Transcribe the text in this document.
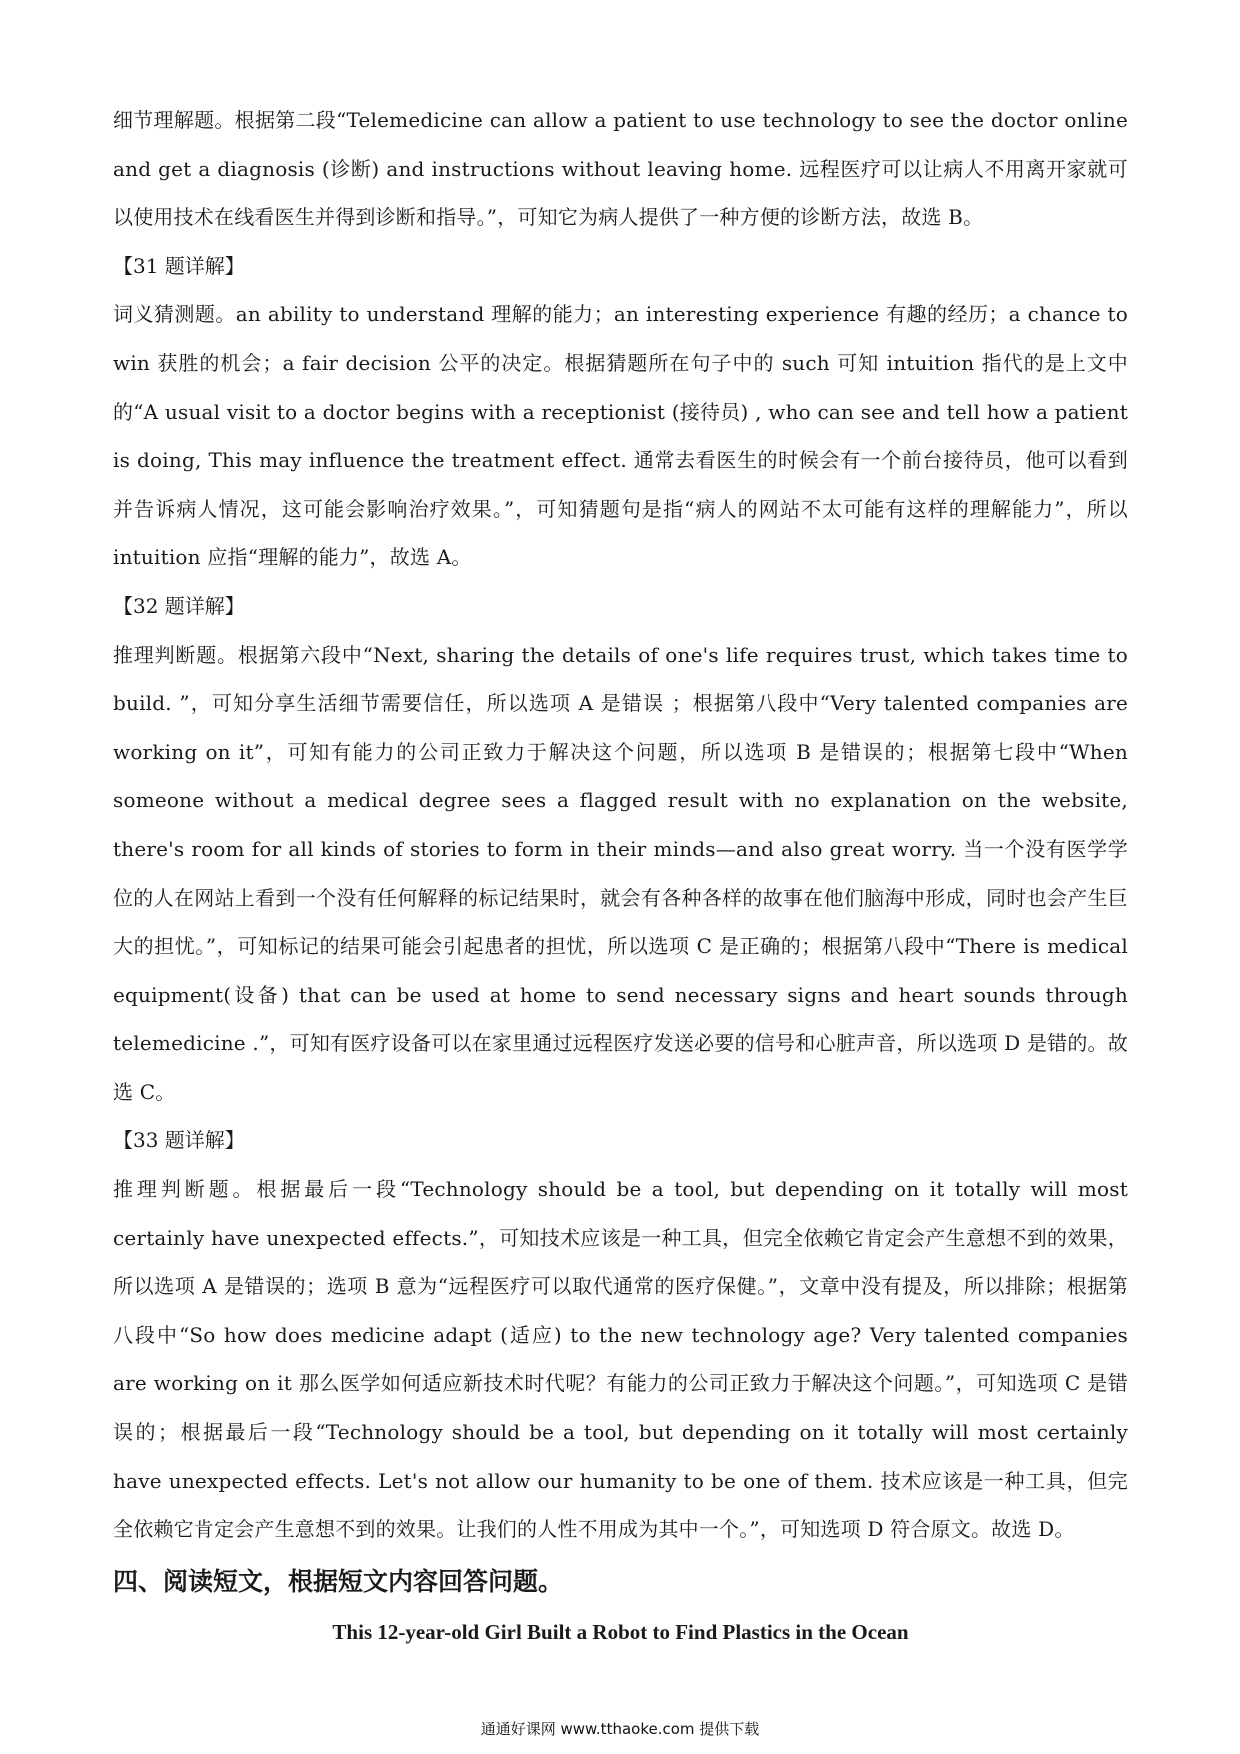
细节理解题。根据第二段“Telemedicine can allow a patient to use technology to see the doctor online and get a diagnosis (诊断) and instructions without leaving home. 远程医疗可以让病人不用离开家就可以使用技术在线看医生并得到诊断和指导。”，可知它为病人提供了一种方便的诊断方法，故选 B。

【31 题详解】

词义猜测题。an ability to understand 理解的能力；an interesting experience 有趣的经历；a chance to win 获胜的机会；a fair decision 公平的决定。根据猜题所在句子中的 such 可知 intuition 指代的是上文中的“A usual visit to a doctor begins with a receptionist (接待员) , who can see and tell how a patient is doing, This may influence the treatment effect. 通常去看医生的时候会有一个前台接待员，他可以看到并告诉病人情况，这可能会影响治疗效果。”，可知猜题句是指“病人的网站不太可能有这样的理解能力”，所以 intuition 应指“理解的能力”，故选 A。

【32 题详解】

推理判断题。根据第六段中“Next, sharing the details of one's life requires trust, which takes time to build. ”，可知分享生活细节需要信任，所以选项 A 是错误 ；根据第八段中“Very talented companies are working on it”，可知有能力的公司正致力于解决这个问题，所以选项 B 是错误的；根据第七段中“When someone without a medical degree sees a flagged result with no explanation on the website, there's room for all kinds of stories to form in their minds—and also great worry. 当一个没有医学学位的人在网站上看到一个没有任何解释的标记结果时，就会有各种各样的故事在他们脑海中形成，同时也会产生巨大的担忧。”，可知标记的结果可能会引起患者的担忧，所以选项 C 是正确的；根据第八段中“There is medical equipment(设备) that can be used at home to send necessary signs and heart sounds through telemedicine .”，可知有医疗设备可以在家里通过远程医疗发送必要的信号和心脏声音，所以选项 D 是错的。故选 C。

【33 题详解】

推理判断题。根据最后一段“Technology should be a tool, but depending on it totally will most certainly have unexpected effects.”，可知技术应该是一种工具，但完全依赖它肯定会产生意想不到的效果，所以选项 A 是错误的；选项 B 意为“远程医疗可以取代通常的医疗保健。”，文章中没有提及，所以排除；根据第八段中“So how does medicine adapt (适应) to the new technology age? Very talented companies are working on it 那么医学如何适应新技术时代呢？有能力的公司正致力于解决这个问题。”，可知选项 C 是错误的；根据最后一段“Technology should be a tool, but depending on it totally will most certainly have unexpected effects. Let's not allow our humanity to be one of them. 技术应该是一种工具，但完全依赖它肯定会产生意想不到的效果。让我们的人性不用成为其中一个。”，可知选项 D 符合原文。故选 D。

四、阅读短文，根据短文内容回答问题。

This 12-year-old Girl Built a Robot to Find Plastics in the Ocean

通通好课网 www.tthaoke.com 提供下载
